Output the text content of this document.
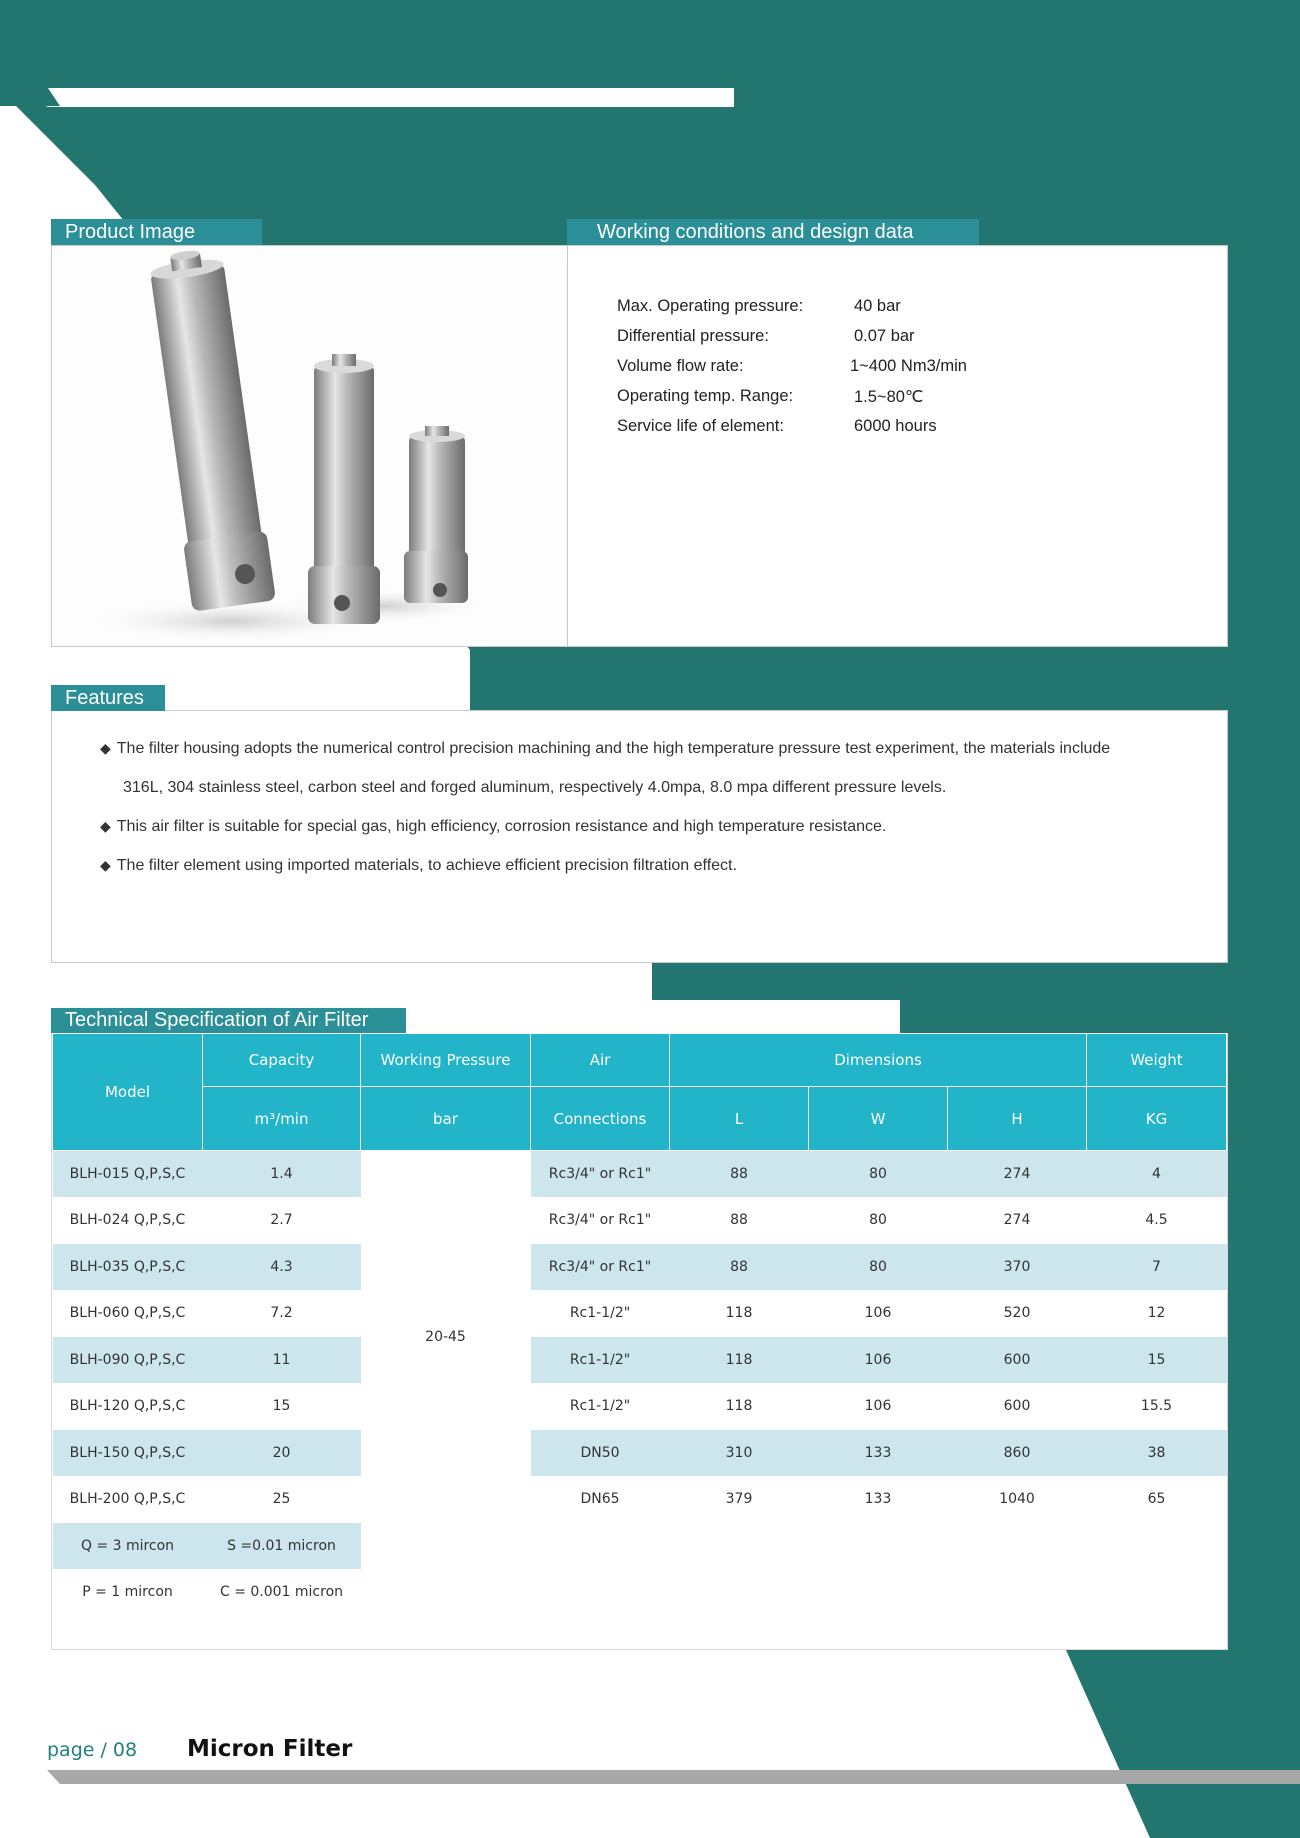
Product Image	Working conditions and design data
Max. Operating pressure:	40 bar
Differential pressure:	0.07 bar
Volume flow rate:	1~400 Nm3/min
Operating temp. Range:	1.5~80℃
Service life of element:	6000 hours
Features
◆ The filter housing adopts the numerical control precision machining and the high temperature pressure test experiment, the materials include
316L, 304 stainless steel, carbon steel and forged aluminum, respectively 4.0mpa, 8.0 mpa different pressure levels.
◆ This air filter is suitable for special gas, high efficiency, corrosion resistance and high temperature resistance.
◆ The filter element using imported materials, to achieve efficient precision filtration effect.
Technical Specification of Air Filter
Model	Capacity	Working Pressure	Air	Dimensions			Weight
	m³/min	bar	Connections	L	W	H	KG
BLH-015 Q,P,S,C	1.4	20-45	Rc3/4" or Rc1"	88	80	274	4
BLH-024 Q,P,S,C	2.7		Rc3/4" or Rc1"	88	80	274	4.5
BLH-035 Q,P,S,C	4.3		Rc3/4" or Rc1"	88	80	370	7
BLH-060 Q,P,S,C	7.2		Rc1-1/2"	118	106	520	12
BLH-090 Q,P,S,C	11		Rc1-1/2"	118	106	600	15
BLH-120 Q,P,S,C	15		Rc1-1/2"	118	106	600	15.5
BLH-150 Q,P,S,C	20		DN50	310	133	860	38
BLH-200 Q,P,S,C	25		DN65	379	133	1040	65
Q = 3 mircon	S =0.01 micron						
P = 1 mircon	C = 0.001 micron						
page / 08 Micron Filter
